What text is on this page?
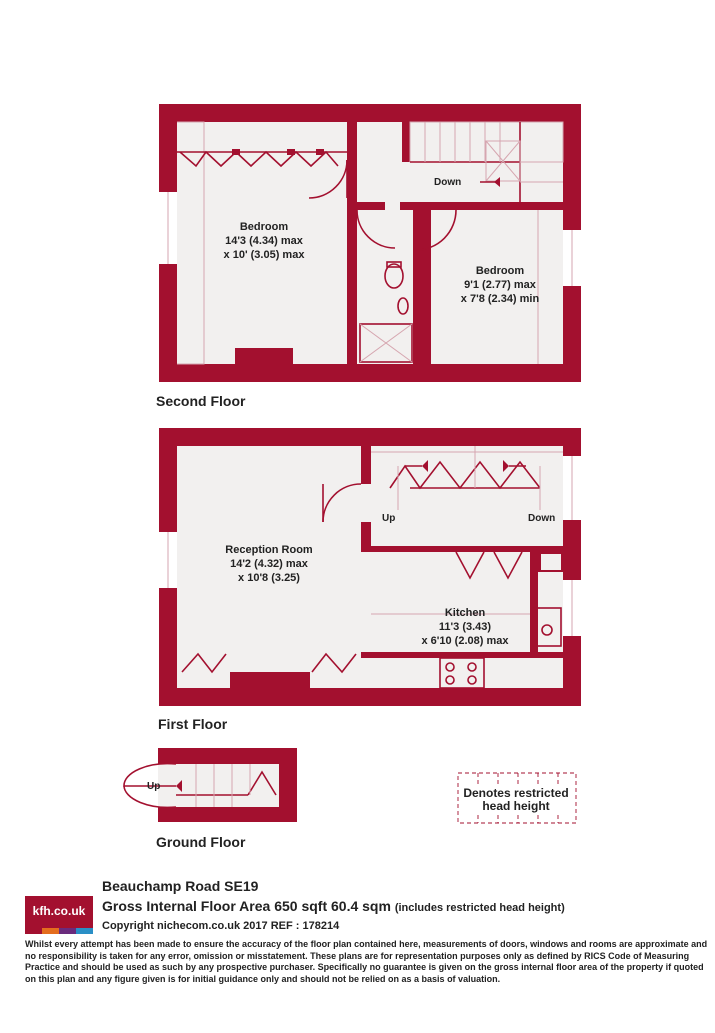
Bedroom
14'3 (4.34) max
x 10' (3.05) max
Bedroom
9'1 (2.77) max
x 7'8 (2.34) min
Down
Second Floor
Reception Room
14'2 (4.32) max
x 10'8 (3.25)
Kitchen
11'3 (3.43)
x 6'10 (2.08) max
Up	Down
First Floor
Up
Ground Floor
Denotes restricted
head height
kfh.co.uk
Beauchamp Road SE19
Gross Internal Floor Area 650 sqft 60.4 sqm (includes restricted head height)
Copyright nichecom.co.uk 2017 REF : 178214
Whilst every attempt has been made to ensure the accuracy of the floor plan contained here, measurements of doors, windows and rooms are approximate and no responsibility is taken for any error, omission or misstatement. These plans are for representation purposes only as defined by RICS Code of Measuring Practice and should be used as such by any prospective purchaser. Specifically no guarantee is given on the gross internal floor area of the property if quoted on this plan and any figure given is for initial guidance only and should not be relied on as a basis of valuation.
